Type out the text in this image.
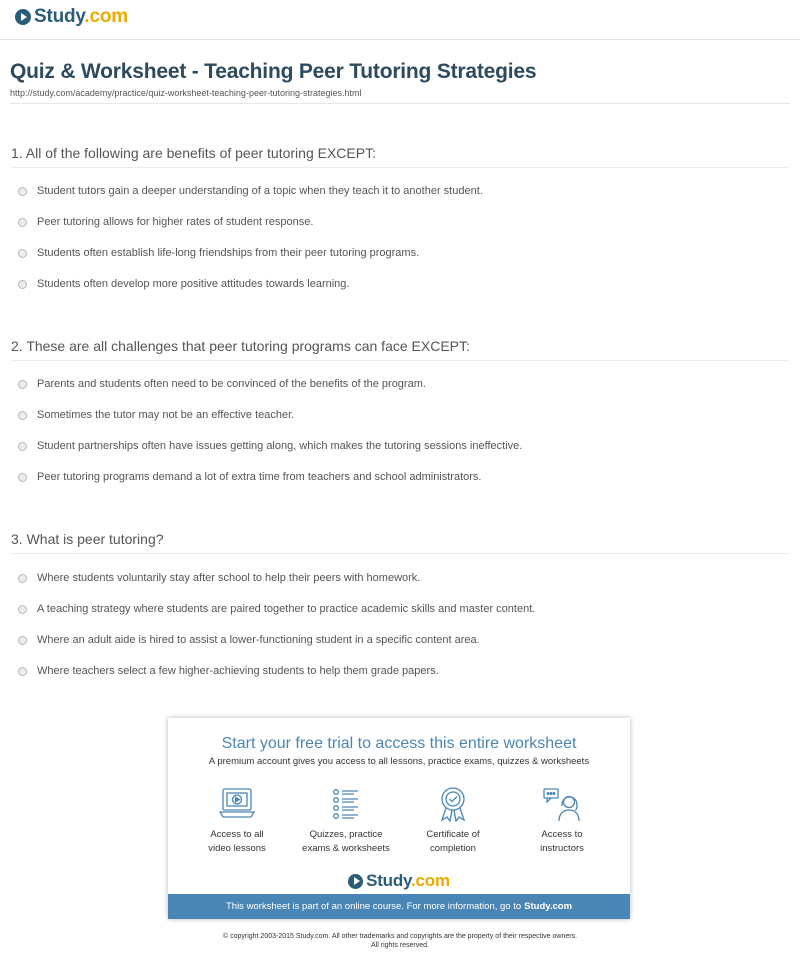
Study.com
Quiz & Worksheet - Teaching Peer Tutoring Strategies
http://study.com/academy/practice/quiz-worksheet-teaching-peer-tutoring-strategies.html
1. All of the following are benefits of peer tutoring EXCEPT:
Student tutors gain a deeper understanding of a topic when they teach it to another student.
Peer tutoring allows for higher rates of student response.
Students often establish life-long friendships from their peer tutoring programs.
Students often develop more positive attitudes towards learning.
2. These are all challenges that peer tutoring programs can face EXCEPT:
Parents and students often need to be convinced of the benefits of the program.
Sometimes the tutor may not be an effective teacher.
Student partnerships often have issues getting along, which makes the tutoring sessions ineffective.
Peer tutoring programs demand a lot of extra time from teachers and school administrators.
3. What is peer tutoring?
Where students voluntarily stay after school to help their peers with homework.
A teaching strategy where students are paired together to practice academic skills and master content.
Where an adult aide is hired to assist a lower-functioning student in a specific content area.
Where teachers select a few higher-achieving students to help them grade papers.
Start your free trial to access this entire worksheet
A premium account gives you access to all lessons, practice exams, quizzes & worksheets
Access to all
video lessons
Quizzes, practice
exams & worksheets
Certificate of
completion
Access to
instructors
Study.com
This worksheet is part of an online course. For more information, go to Study.com
© copyright 2003-2015 Study.com. All other trademarks and copyrights are the property of their respective owners.
All rights reserved.
